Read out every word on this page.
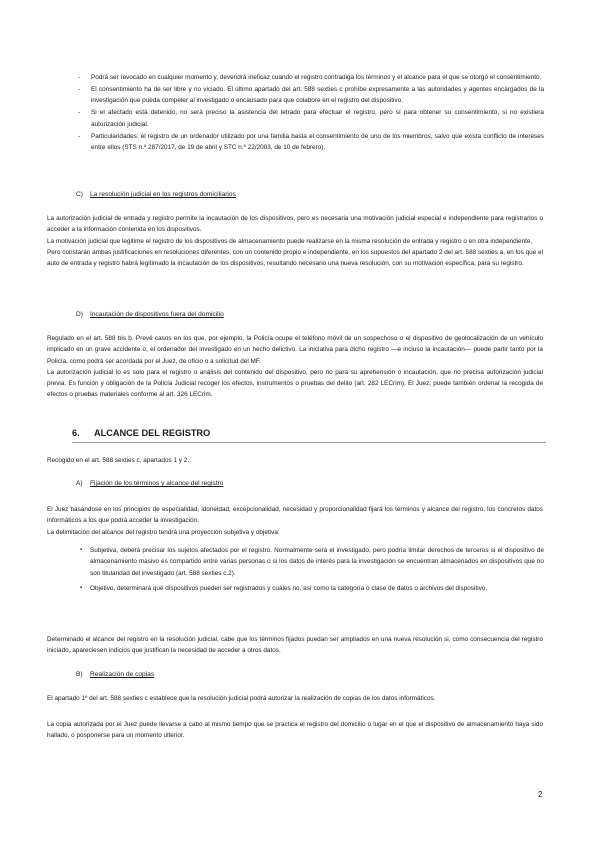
- Podrá ser revocado en cualquier momento y, devendrá ineficaz cuando el registro contradiga los términos y el alcance para el que se otorgó el consentimiento.
- El consentimiento ha de ser libre y no viciado. El último apartado del art. 588 sexties c prohíbe expresamente a las autoridades y agentes encargados de la investigación que pueda compeler al investigado o encausado para que colabore en el registro del dispositivo.
- Si el afectado está detenido, no será preciso la asistencia del letrado para efectuar el registro, pero sí para obtener su consentimiento, si no existiera autorización judicial.
- Particularidades: el registro de un ordenador utilizado por una familia basta el consentimiento de uno de los miembros, salvo que exista conflicto de intereses entre ellos (STS n.º 287/2017, de 19 de abril y STC n.º 22/2003, de 10 de febrero).
C) La resolución judicial en los registros domiciliarios

La autorización judicial de entrada y registro permite la incautación de los dispositivos, pero es necesaria una motivación judicial especial e independiente para registrarlos o acceder a la información contenida en los dispositivos.

La motivación judicial que legitime el registro de los dispositivos de almacenamiento puede realizarse en la misma resolución de entrada y registro o en otra independiente.

Pero constarán ambas justificaciones en resoluciones diferentes, con un contenido propio e independiente, en los supuestos del apartado 2 del art. 588 sexties a, en los que el auto de entrada y registro habrá legitimado la incautación de los dispositivos, resultando necesario una nueva resolución, con su motivación específica, para su registro.

D) Incautación de dispositivos fuera del domicilio

Regulado en el art. 588 bis b. Prevé casos en los que, por ejemplo, la Policía ocupe el teléfono móvil de un sospechoso o el dispositivo de geolocalización de un vehículo implicado en un grave accidente o, el ordenador del investigado en un hecho delictivo. La iniciativa para dicho registro —e incluso la incautación— puede partir tanto por la Policía, como podrá ser acordada por el Juez, de oficio o a solicitud del MF.

La autorización judicial lo es solo para el registro o análisis del contenido del dispositivo, pero no para su aprehensión o incautación, que no precisa autorización judicial previa. Es función y obligación de la Policía Judicial recoger los efectos, instrumentos o pruebas del delito (art. 282 LECrim). El Juez, puede también ordenar la recogida de efectos o pruebas materiales conforme al art. 326 LECrim.

6. ALCANCE DEL REGISTRO

Recogido en el art. 588 sexties c, apartados 1 y 2.

A) Fijación de los términos y alcance del registro

El Juez basándose en los principios de especialidad, idoneidad, excepcionalidad, necesidad y proporcionalidad fijará los términos y alcance del registro, los concretos datos informáticos a los que podrá acceder la investigación.

La delimitación del alcance del registro tendrá una proyección subjetiva y objetiva:

▪ Subjetiva, deberá precisar los sujetos afectados por el registro. Normalmente será el investigado, pero podría limitar derechos de terceros si el dispositivo de almacenamiento masivo es compartido entre varias personas o si los datos de interés para la investigación se encuentran almacenados en dispositivos que no son titularidad del investigado (art. 588 sexties c.2).
▪ Objetivo, determinará qué dispositivos pueden ser registrados y cuáles no, así como la categoría o clase de datos o archivos del dispositivo.

Determinado el alcance del registro en la resolución judicial, cabe que los términos fijados puedan ser ampliados en una nueva resolución si, como consecuencia del registro iniciado, apareciesen indicios que justifican la necesidad de acceder a otros datos.

B) Realización de copias

El apartado 1º del art. 588 sexties c establece que la resolución judicial podrá autorizar la realización de copias de los datos informáticos.

La copia autorizada por el Juez puede llevarse a cabo al mismo tiempo que se practica el registro del domicilio o lugar en el que el dispositivo de almacenamiento haya sido hallado, o posponerse para un momento ulterior.

2
